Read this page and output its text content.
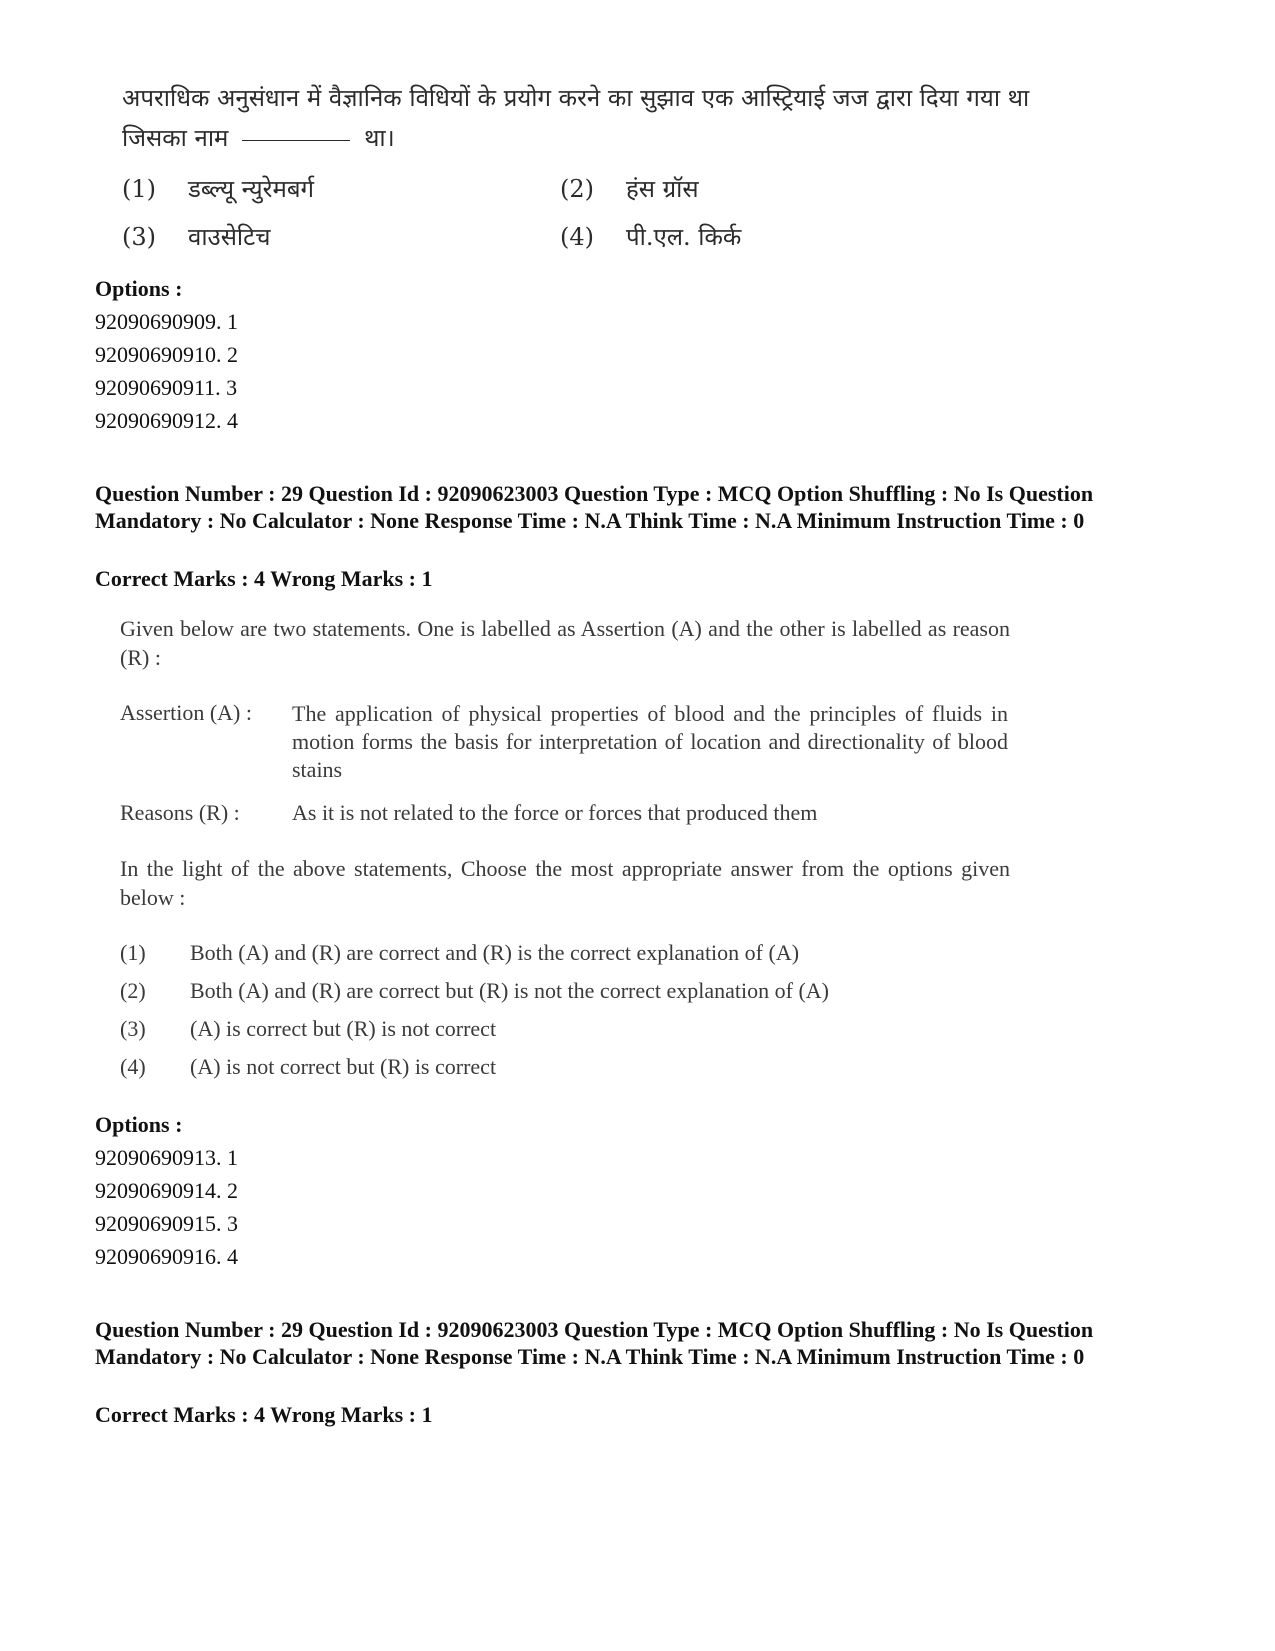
अपराधिक अनुसंधान में वैज्ञानिक विधियों के प्रयोग करने का सुझाव एक आस्ट्रियाई जज द्वारा दिया गया था जिसका नाम	था।
(1) डब्ल्यू न्युरेमबर्ग	(2) हंस ग्रॉस
(3) वाउसेटिच	(4) पी.एल. किर्क
Options :
92090690909. 1
92090690910. 2
92090690911. 3
92090690912. 4
Question Number : 29 Question Id : 92090623003 Question Type : MCQ Option Shuffling : No Is Question Mandatory : No Calculator : None Response Time : N.A Think Time : N.A Minimum Instruction Time : 0
Correct Marks : 4 Wrong Marks : 1
Given below are two statements. One is labelled as Assertion (A) and the other is labelled as reason (R) :
Assertion (A) : The application of physical properties of blood and the principles of fluids in motion forms the basis for interpretation of location and directionality of blood stains
Reasons (R) : As it is not related to the force or forces that produced them
In the light of the above statements, Choose the most appropriate answer from the options given below :
(1) Both (A) and (R) are correct and (R) is the correct explanation of (A)
(2) Both (A) and (R) are correct but (R) is not the correct explanation of (A)
(3) (A) is correct but (R) is not correct
(4) (A) is not correct but (R) is correct
Options :
92090690913. 1
92090690914. 2
92090690915. 3
92090690916. 4
Question Number : 29 Question Id : 92090623003 Question Type : MCQ Option Shuffling : No Is Question Mandatory : No Calculator : None Response Time : N.A Think Time : N.A Minimum Instruction Time : 0
Correct Marks : 4 Wrong Marks : 1
